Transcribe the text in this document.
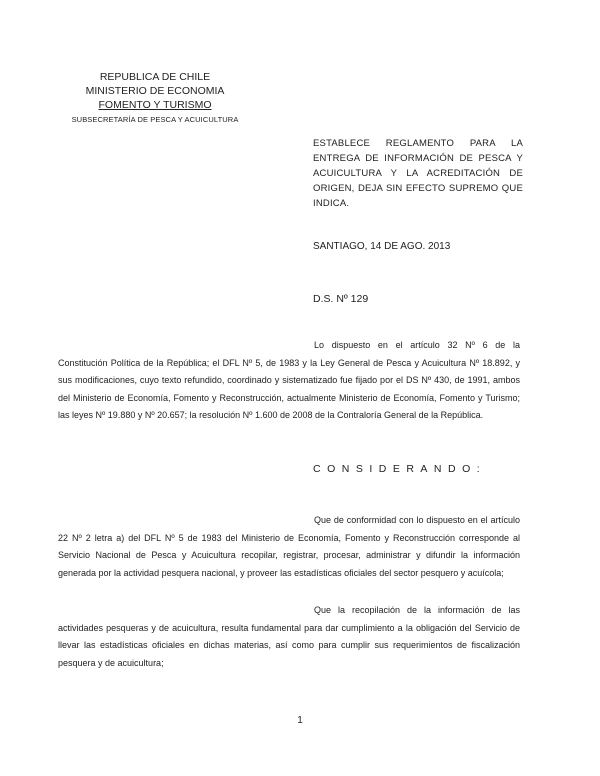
REPUBLICA DE CHILE
MINISTERIO DE ECONOMIA
FOMENTO Y TURISMO
SUBSECRETARÍA DE PESCA Y ACUICULTURA
ESTABLECE REGLAMENTO PARA LA ENTREGA DE INFORMACIÓN DE PESCA Y ACUICULTURA Y LA ACREDITACIÓN DE ORIGEN, DEJA SIN EFECTO SUPREMO QUE INDICA.
SANTIAGO, 14 DE AGO. 2013
D.S. Nº 129
Lo dispuesto en el artículo 32 Nº 6 de la Constitución Política de la República; el DFL Nº 5, de 1983 y la Ley General de Pesca y Acuicultura Nº 18.892, y sus modificaciones, cuyo texto refundido, coordinado y sistematizado fue fijado por el DS Nº 430, de 1991, ambos del Ministerio de Economía, Fomento y Reconstrucción, actualmente Ministerio de Economía, Fomento y Turismo; las leyes Nº 19.880 y Nº 20.657; la resolución Nº 1.600 de 2008 de la Contraloría General de la República.
CONSIDERANDO:
Que de conformidad con lo dispuesto en el artículo 22 Nº 2 letra a) del DFL Nº 5 de 1983 del Ministerio de Economía, Fomento y Reconstrucción corresponde al Servicio Nacional de Pesca y Acuicultura recopilar, registrar, procesar, administrar y difundir la información generada por la actividad pesquera nacional, y proveer las estadísticas oficiales del sector pesquero y acuícola;
Que la recopilación de la información de las actividades pesqueras y de acuicultura, resulta fundamental para dar cumplimiento a la obligación del Servicio de llevar las estadísticas oficiales en dichas materias, así como para cumplir sus requerimientos de fiscalización pesquera y de acuicultura;
1
